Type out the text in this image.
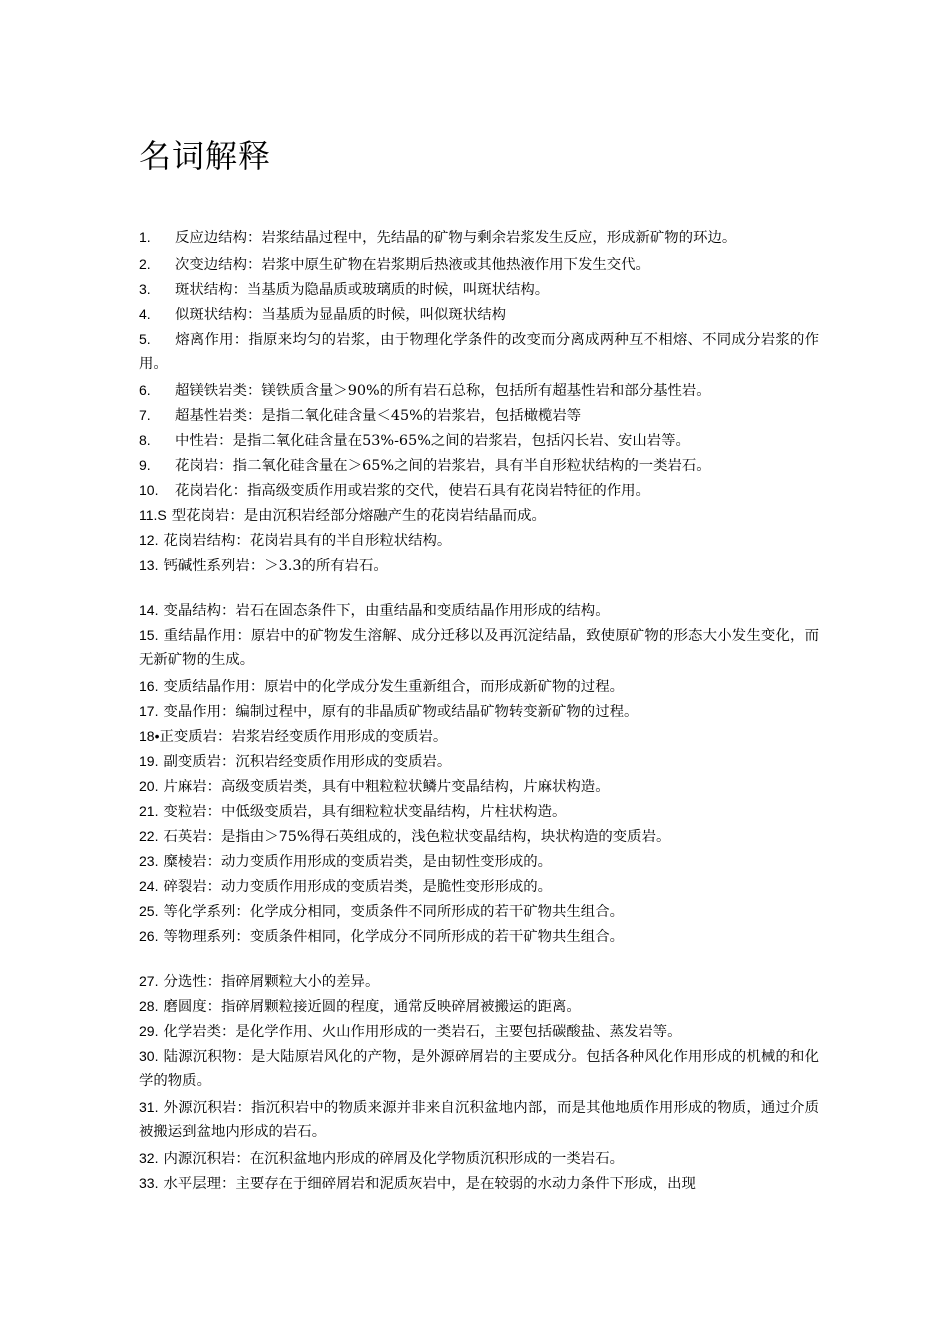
名词解释
1. 反应边结构：岩浆结晶过程中，先结晶的矿物与剩余岩浆发生反应，形成新矿物的环边。
2. 次变边结构：岩浆中原生矿物在岩浆期后热液或其他热液作用下发生交代。
3. 斑状结构：当基质为隐晶质或玻璃质的时候，叫斑状结构。
4. 似斑状结构：当基质为显晶质的时候，叫似斑状结构
5. 熔离作用：指原来均匀的岩浆，由于物理化学条件的改变而分离成两种互不相熔、不同成分岩浆的作用。
6. 超镁铁岩类：镁铁质含量＞90%的所有岩石总称，包括所有超基性岩和部分基性岩。
7. 超基性岩类：是指二氧化硅含量＜45%的岩浆岩，包括橄榄岩等
8. 中性岩：是指二氧化硅含量在53%-65%之间的岩浆岩，包括闪长岩、安山岩等。
9. 花岗岩：指二氧化硅含量在＞65%之间的岩浆岩，具有半自形粒状结构的一类岩石。
10. 花岗岩化：指高级变质作用或岩浆的交代，使岩石具有花岗岩特征的作用。
11.S 型花岗岩：是由沉积岩经部分熔融产生的花岗岩结晶而成。
12. 花岗岩结构：花岗岩具有的半自形粒状结构。
13. 钙碱性系列岩：＞3.3的所有岩石。
14. 变晶结构：岩石在固态条件下，由重结晶和变质结晶作用形成的结构。
15. 重结晶作用：原岩中的矿物发生溶解、成分迁移以及再沉淀结晶，致使原矿物的形态大小发生变化，而无新矿物的生成。
16. 变质结晶作用：原岩中的化学成分发生重新组合，而形成新矿物的过程。
17. 变晶作用：编制过程中，原有的非晶质矿物或结晶矿物转变新矿物的过程。
18•正变质岩：岩浆岩经变质作用形成的变质岩。
19. 副变质岩：沉积岩经变质作用形成的变质岩。
20. 片麻岩：高级变质岩类，具有中粗粒粒状鳞片变晶结构，片麻状构造。
21. 变粒岩：中低级变质岩，具有细粒粒状变晶结构，片柱状构造。
22. 石英岩：是指由＞75%得石英组成的，浅色粒状变晶结构，块状构造的变质岩。
23. 糜棱岩：动力变质作用形成的变质岩类，是由韧性变形成的。
24. 碎裂岩：动力变质作用形成的变质岩类，是脆性变形形成的。
25. 等化学系列：化学成分相同，变质条件不同所形成的若干矿物共生组合。
26. 等物理系列：变质条件相同，化学成分不同所形成的若干矿物共生组合。
27. 分选性：指碎屑颗粒大小的差异。
28. 磨圆度：指碎屑颗粒接近圆的程度，通常反映碎屑被搬运的距离。
29. 化学岩类：是化学作用、火山作用形成的一类岩石，主要包括碳酸盐、蒸发岩等。
30. 陆源沉积物：是大陆原岩风化的产物，是外源碎屑岩的主要成分。包括各种风化作用形成的机械的和化学的物质。
31. 外源沉积岩：指沉积岩中的物质来源并非来自沉积盆地内部，而是其他地质作用形成的物质，通过介质被搬运到盆地内形成的岩石。
32. 内源沉积岩：在沉积盆地内形成的碎屑及化学物质沉积形成的一类岩石。
33. 水平层理：主要存在于细碎屑岩和泥质灰岩中，是在较弱的水动力条件下形成，出现
